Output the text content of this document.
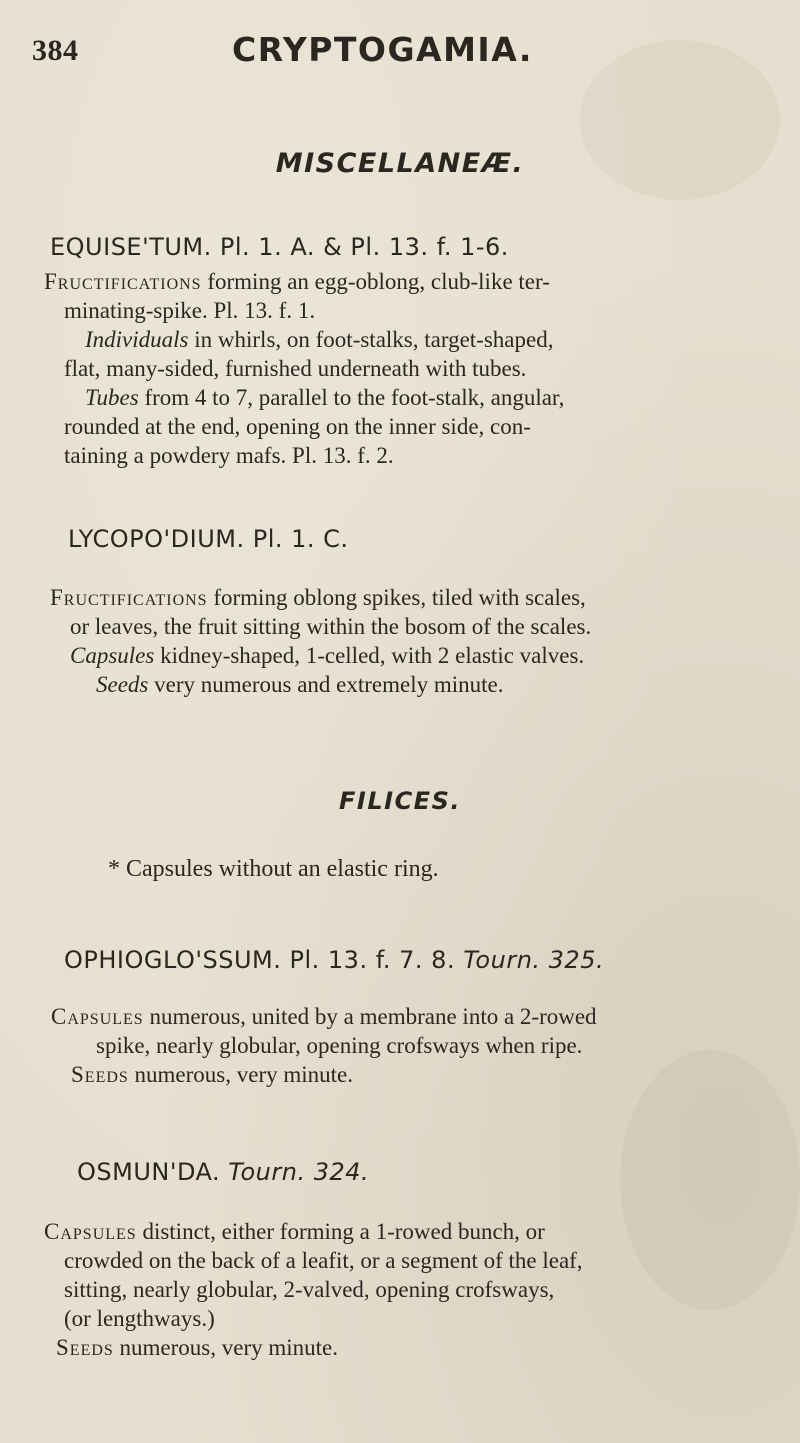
384	CRYPTOGAMIA.
MISCELLANEÆ.
EQUISE'TUM. Pl. 1. A. & Pl. 13. f. 1-6.
Fructifications forming an egg-oblong, club-like ter-
minating-spike. Pl. 13. f. 1.
Individuals in whirls, on foot-stalks, target-shaped,
flat, many-sided, furnished underneath with tubes.
Tubes from 4 to 7, parallel to the foot-stalk, angular,
rounded at the end, opening on the inner side, con-
taining a powdery mafs. Pl. 13. f. 2.
LYCOPO'DIUM. Pl. 1. C.
Fructifications forming oblong spikes, tiled with scales,
or leaves, the fruit sitting within the bosom of the scales.
Capsules kidney-shaped, 1-celled, with 2 elastic valves.
Seeds very numerous and extremely minute.
FILICES.
* Capsules without an elastic ring.
OPHIOGLO'SSUM. Pl. 13. f. 7. 8. Tourn. 325.
Capsules numerous, united by a membrane into a 2-rowed
spike, nearly globular, opening crofsways when ripe.
Seeds numerous, very minute.
OSMUN'DA. Tourn. 324.
Capsules distinct, either forming a 1-rowed bunch, or
crowded on the back of a leafit, or a segment of the leaf,
sitting, nearly globular, 2-valved, opening crofsways,
(or lengthways.)
Seeds numerous, very minute.
